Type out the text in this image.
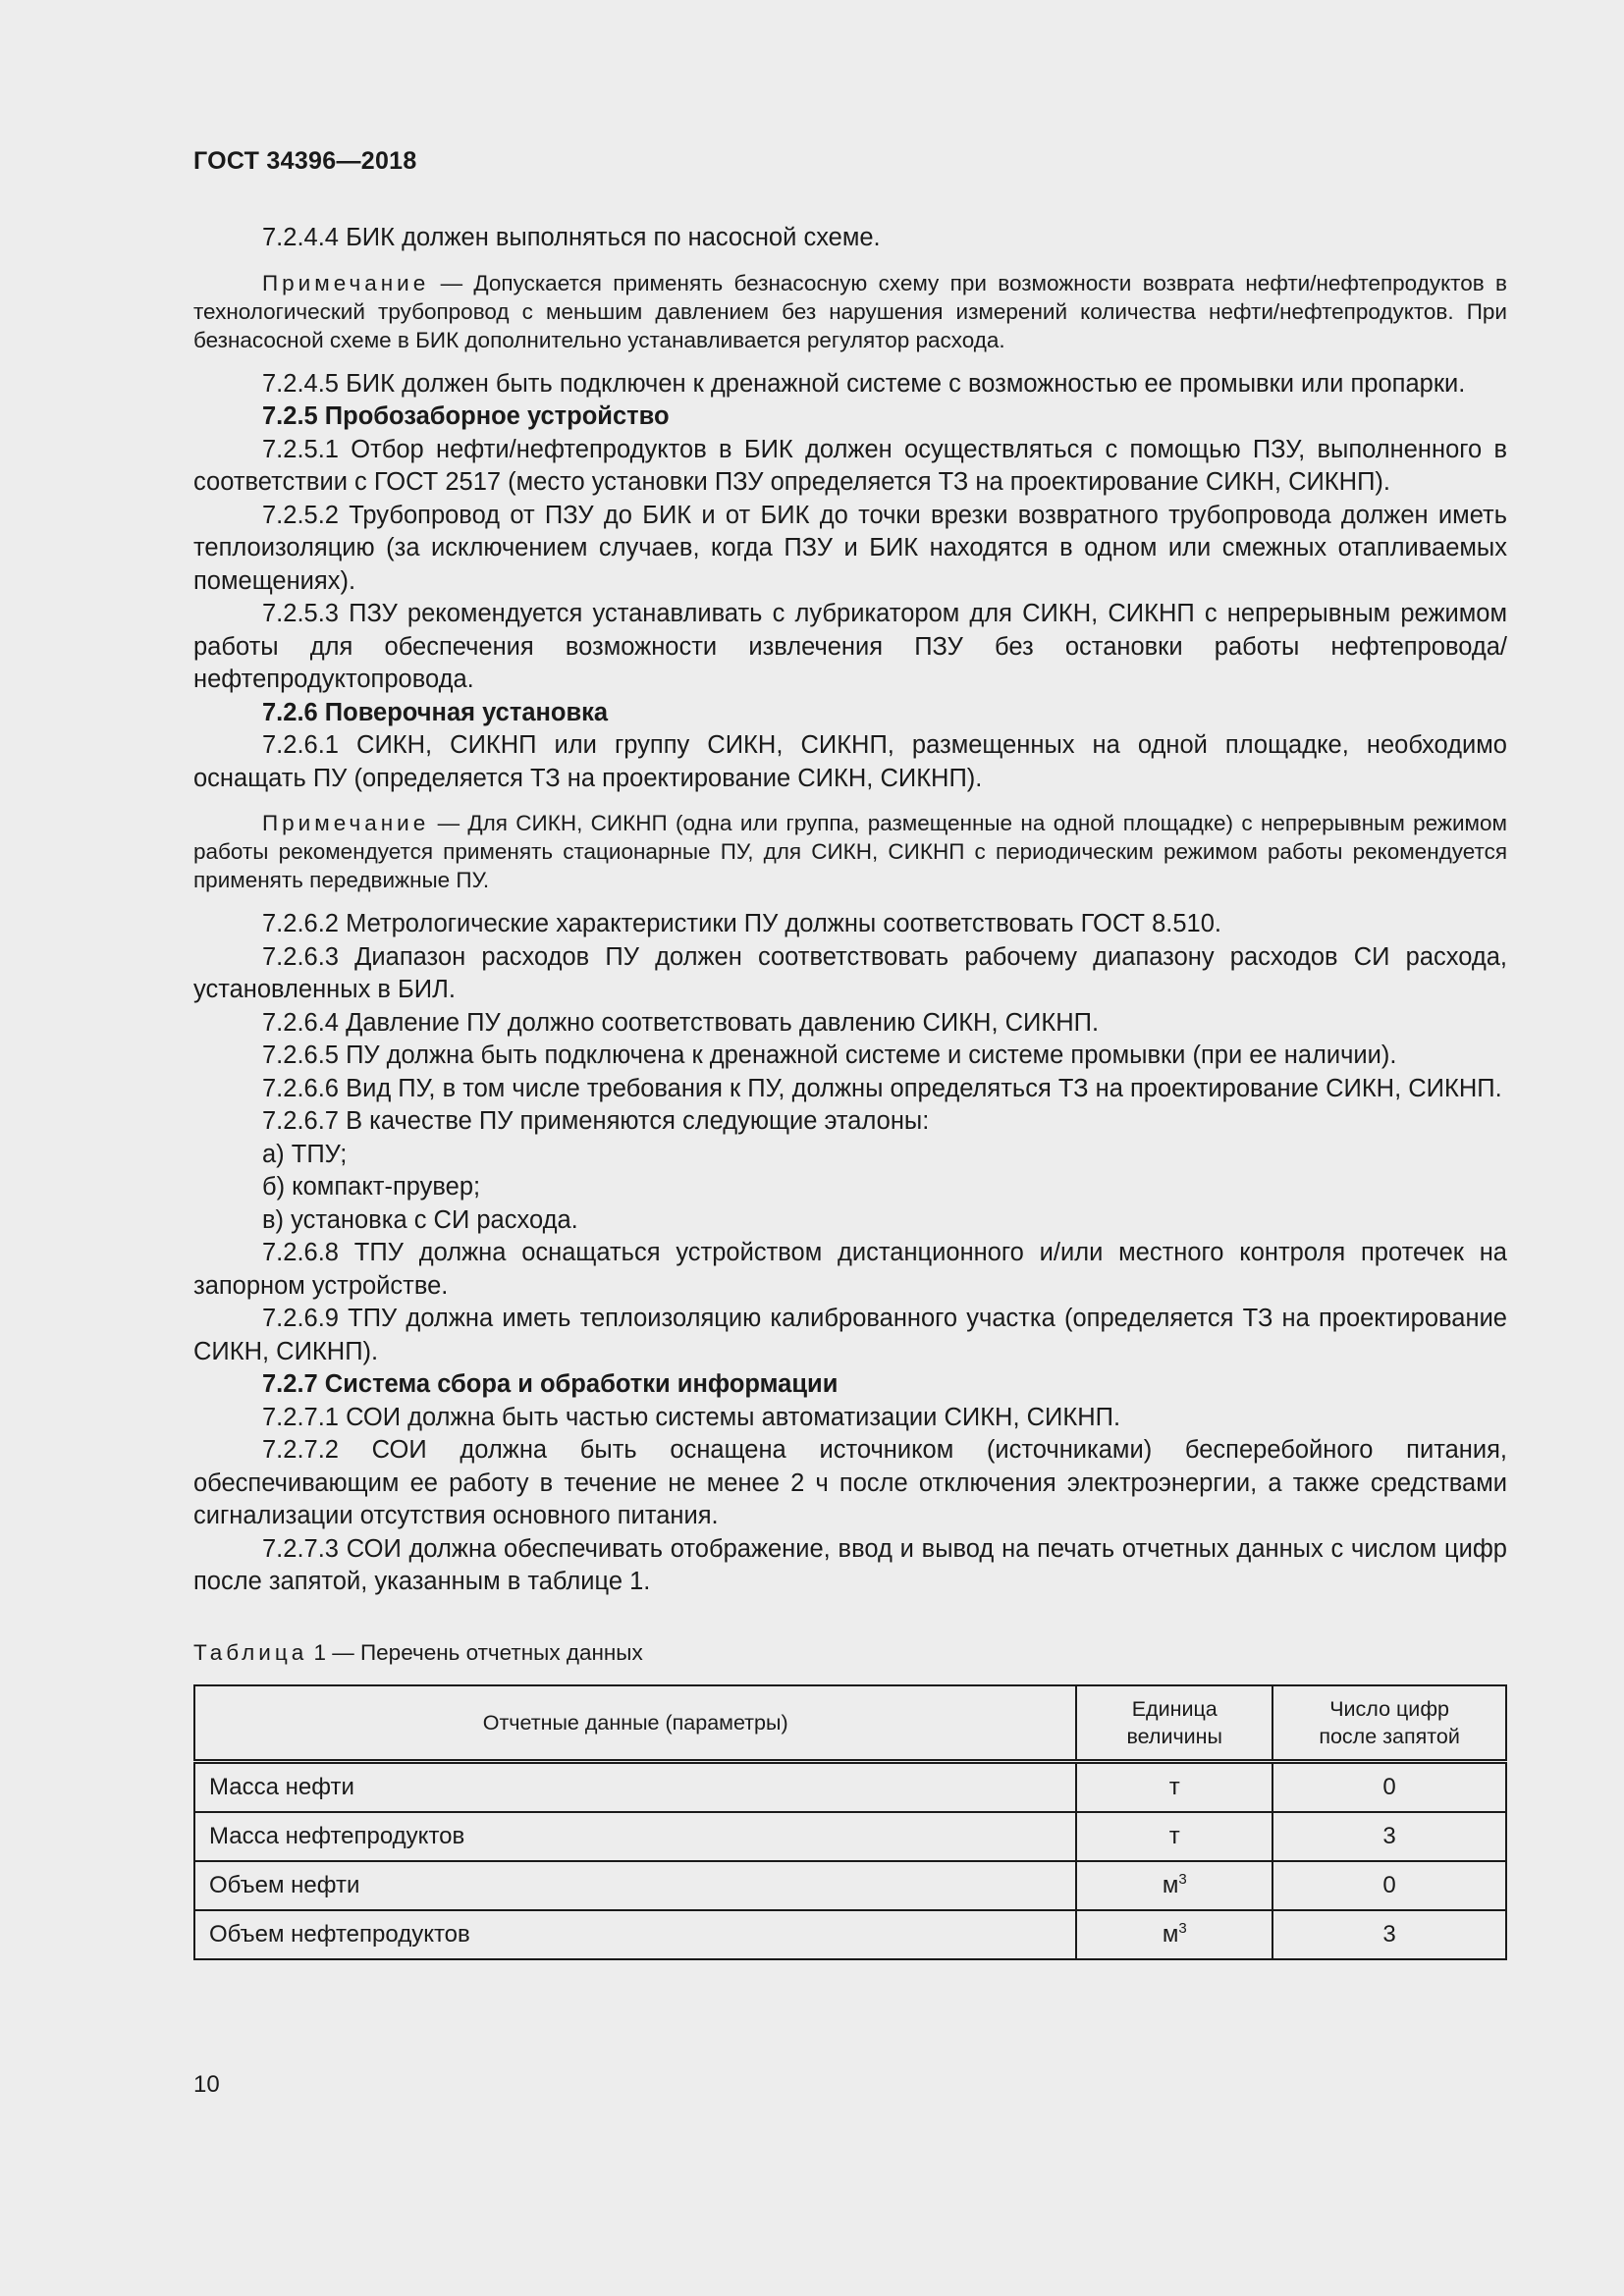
ГОСТ 34396—2018

7.2.4.4 БИК должен выполняться по насосной схеме.

Примечание — Допускается применять безнасосную схему при возможности возврата нефти/нефтепродуктов в технологический трубопровод с меньшим давлением без нарушения измерений количества нефти/нефтепродуктов. При безнасосной схеме в БИК дополнительно устанавливается регулятор расхода.

7.2.4.5 БИК должен быть подключен к дренажной системе с возможностью ее промывки или пропарки.

7.2.5 Пробозаборное устройство

7.2.5.1 Отбор нефти/нефтепродуктов в БИК должен осуществляться с помощью ПЗУ, выполненного в соответствии с ГОСТ 2517 (место установки ПЗУ определяется ТЗ на проектирование СИКН, СИКНП).

7.2.5.2 Трубопровод от ПЗУ до БИК и от БИК до точки врезки возвратного трубопровода должен иметь теплоизоляцию (за исключением случаев, когда ПЗУ и БИК находятся в одном или смежных отапливаемых помещениях).

7.2.5.3 ПЗУ рекомендуется устанавливать с лубрикатором для СИКН, СИКНП с непрерывным режимом работы для обеспечения возможности извлечения ПЗУ без остановки работы нефтепровода/нефтепродуктопровода.

7.2.6 Поверочная установка

7.2.6.1 СИКН, СИКНП или группу СИКН, СИКНП, размещенных на одной площадке, необходимо оснащать ПУ (определяется ТЗ на проектирование СИКН, СИКНП).

Примечание — Для СИКН, СИКНП (одна или группа, размещенные на одной площадке) с непрерывным режимом работы рекомендуется применять стационарные ПУ, для СИКН, СИКНП с периодическим режимом работы рекомендуется применять передвижные ПУ.

7.2.6.2 Метрологические характеристики ПУ должны соответствовать ГОСТ 8.510.

7.2.6.3 Диапазон расходов ПУ должен соответствовать рабочему диапазону расходов СИ расхода, установленных в БИЛ.

7.2.6.4 Давление ПУ должно соответствовать давлению СИКН, СИКНП.

7.2.6.5 ПУ должна быть подключена к дренажной системе и системе промывки (при ее наличии).

7.2.6.6 Вид ПУ, в том числе требования к ПУ, должны определяться ТЗ на проектирование СИКН, СИКНП.

7.2.6.7 В качестве ПУ применяются следующие эталоны:

а) ТПУ;

б) компакт-прувер;

в) установка с СИ расхода.

7.2.6.8 ТПУ должна оснащаться устройством дистанционного и/или местного контроля протечек на запорном устройстве.

7.2.6.9 ТПУ должна иметь теплоизоляцию калиброванного участка (определяется ТЗ на проектирование СИКН, СИКНП).

7.2.7 Система сбора и обработки информации

7.2.7.1 СОИ должна быть частью системы автоматизации СИКН, СИКНП.

7.2.7.2 СОИ должна быть оснащена источником (источниками) бесперебойного питания, обеспечивающим ее работу в течение не менее 2 ч после отключения электроэнергии, а также средствами сигнализации отсутствия основного питания.

7.2.7.3 СОИ должна обеспечивать отображение, ввод и вывод на печать отчетных данных с числом цифр после запятой, указанным в таблице 1.

Таблица 1 — Перечень отчетных данных
Отчетные данные (параметры)	Единица величины	Число цифр после запятой
Масса нефти	т	0
Масса нефтепродуктов	т	3
Объем нефти	$м^3$	0
Объем нефтепродуктов	$м^3$	3
10
